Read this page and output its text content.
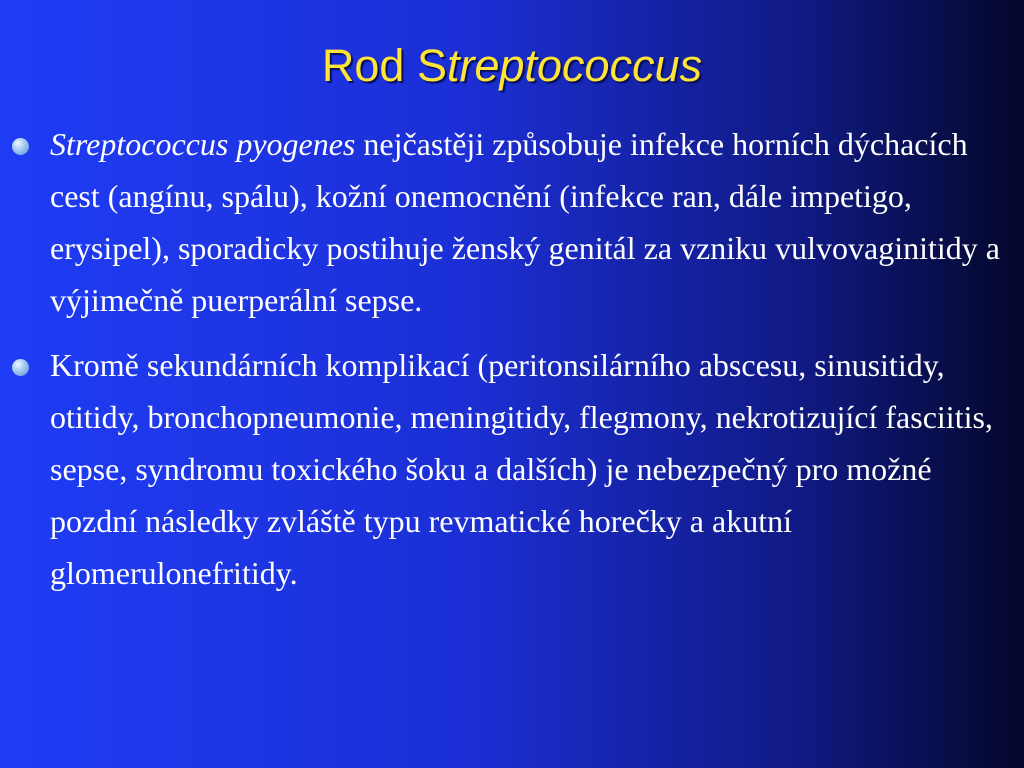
Rod Streptococcus
Streptococcus pyogenes nejčastěji způsobuje infekce horních dýchacích cest (angínu, spálu), kožní onemocnění (infekce ran, dále impetigo, erysipel), sporadicky postihuje ženský genitál za vzniku vulvovaginitidy a výjimečně puerperální sepse.
Kromě sekundárních komplikací (peritonsilárního abscesu, sinusitidy, otitidy, bronchopneumonie, meningitidy, flegmony, nekrotizující fasciitis, sepse, syndromu toxického šoku a dalších) je nebezpečný pro možné pozdní následky zvláště typu revmatické horečky a akutní glomerulonefritidy.
